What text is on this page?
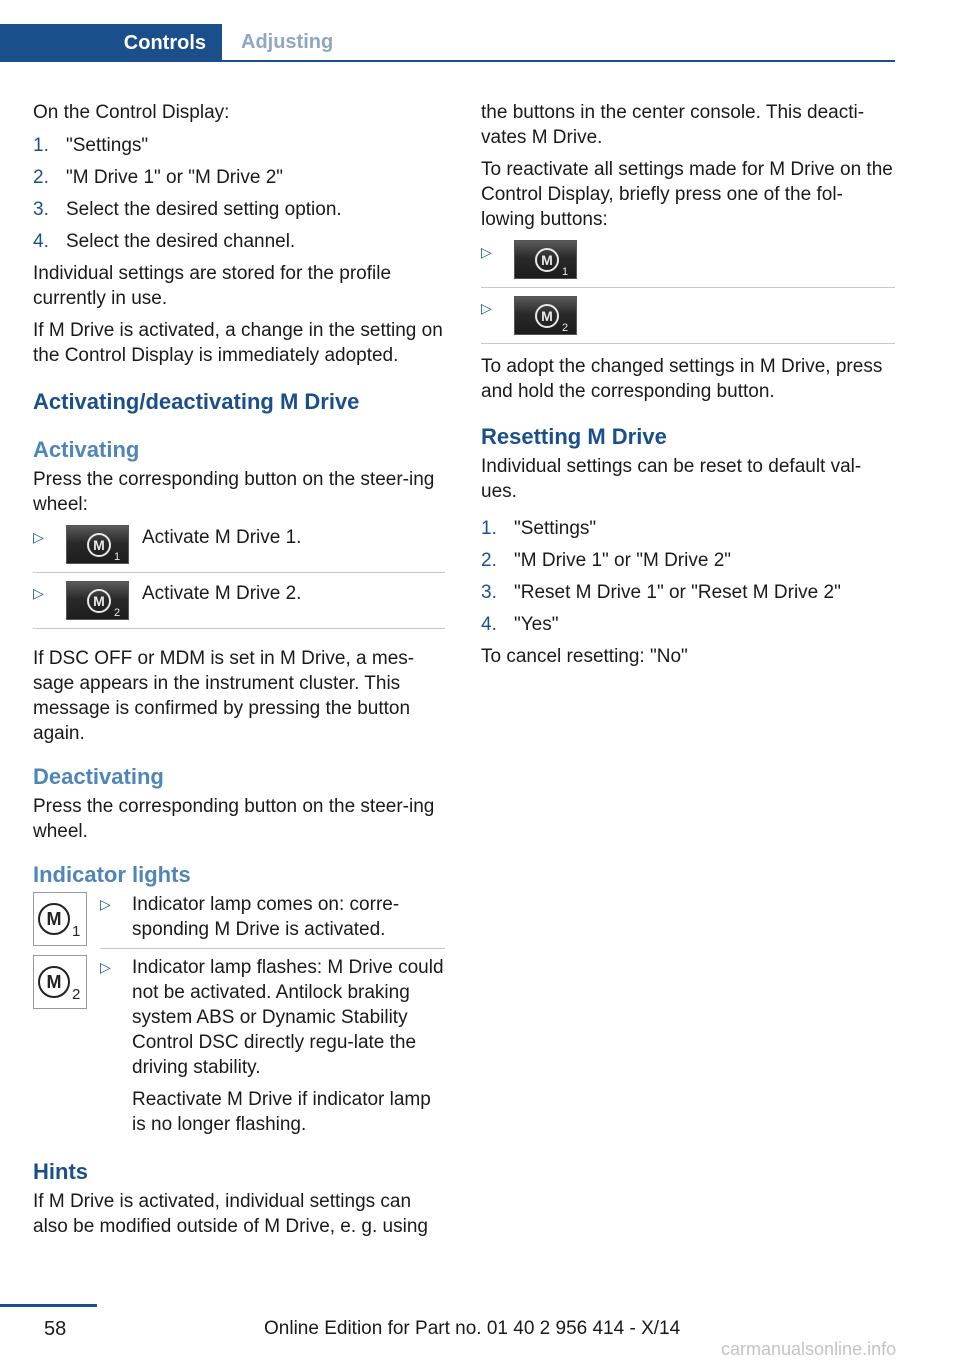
Controls	Adjusting

On the Control Display:

1. "Settings"
2. "M Drive 1" or "M Drive 2"
3. Select the desired setting option.
4. Select the desired channel.

Individual settings are stored for the profile currently in use.

If M Drive is activated, a change in the setting on the Control Display is immediately adopted.

Activating/deactivating M Drive
Activating

Press the corresponding button on the steer‐ing wheel:

▷	M
1
Activate M Drive 1.
▷	M
2
Activate M Drive 2.

If DSC OFF or MDM is set in M Drive, a mes‐sage appears in the instrument cluster. This message is confirmed by pressing the button again.

Deactivating

Press the corresponding button on the steer‐ing wheel.

Indicator lights
M
1
▷	Indicator lamp comes on: corre‐sponding M Drive is activated.
M
2
▷	Indicator lamp flashes: M Drive could not be activated. Antilock braking system ABS or Dynamic Stability Control DSC directly regu‐late the driving stability.
Reactivate M Drive if indicator lamp is no longer flashing.
Hints

If M Drive is activated, individual settings can also be modified outside of M Drive, e. g. using

the buttons in the center console. This deacti‐vates M Drive.

To reactivate all settings made for M Drive on the Control Display, briefly press one of the fol‐lowing buttons:

▷	M
1
▷	M
2

To adopt the changed settings in M Drive, press and hold the corresponding button.

Resetting M Drive

Individual settings can be reset to default val‐ues.

1. "Settings"
2. "M Drive 1" or "M Drive 2"
3. "Reset M Drive 1" or "Reset M Drive 2"
4. "Yes"

To cancel resetting: "No"

58	Online Edition for Part no. 01 40 2 956 414 - X/14
carmanualsonline.info
